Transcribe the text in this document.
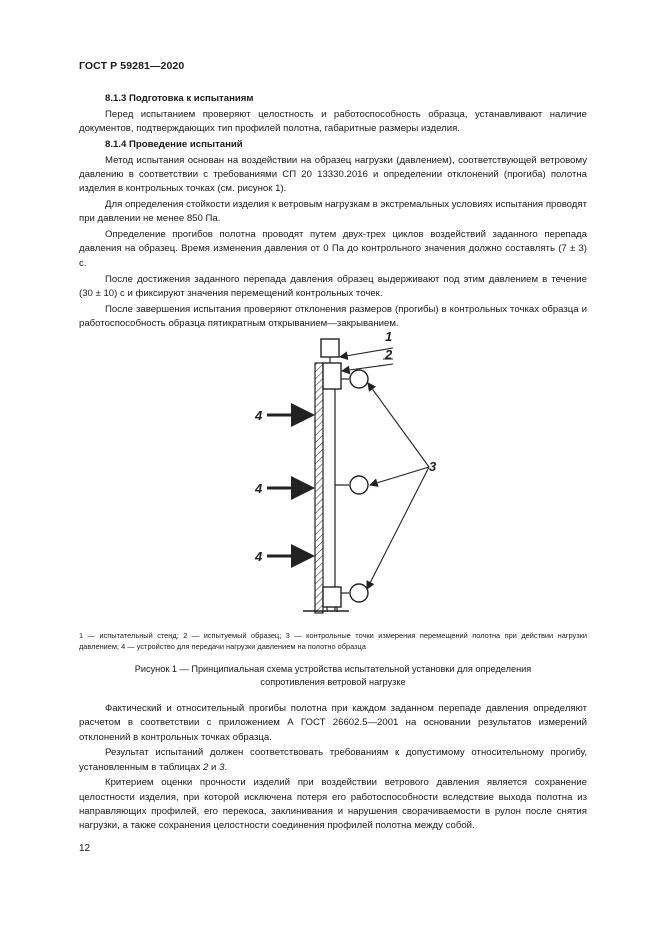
ГОСТ Р 59281—2020

8.1.3 Подготовка к испытаниям

Перед испытанием проверяют целостность и работоспособность образца, устанавливают наличие документов, подтверждающих тип профилей полотна, габаритные размеры изделия.

8.1.4 Проведение испытаний

Метод испытания основан на воздействии на образец нагрузки (давлением), соответствующей ветровому давлению в соответствии с требованиями СП 20 13330.2016 и определении отклонений (прогиба) полотна изделия в контрольных точках (см. рисунок 1).

Для определения стойкости изделия к ветровым нагрузкам в экстремальных условиях испытания проводят при давлении не менее 850 Па.

Определение прогибов полотна проводят путем двух-трех циклов воздействий заданного перепада давления на образец. Время изменения давления от 0 Па до контрольного значения должно составлять (7 ± 3) с.

После достижения заданного перепада давления образец выдерживают под этим давлением в течение (30 ± 10) с и фиксируют значения перемещений контрольных точек.

После завершения испытания проверяют отклонения размеров (прогибы) в контрольных точках образца и работоспособность образца пятикратным открыванием—закрыванием.

1
2
3
4
4
4
1 — испытательный стенд; 2 — испытуемый образец; 3 — контрольные точки измерения перемещений полотна при действии нагрузки давлением; 4 — устройство для передачи нагрузки давлением на полотно образца
Рисунок 1 — Принципиальная схема устройства испытательной установки для определения
сопротивления ветровой нагрузке

Фактический и относительный прогибы полотна при каждом заданном перепаде давления определяют расчетом в соответствии с приложением А ГОСТ 26602.5—2001 на основании результатов измерений отклонений в контрольных точках образца.

Результат испытаний должен соответствовать требованиям к допустимому относительному прогибу, установленным в таблицах 2 и 3.

Критерием оценки прочности изделий при воздействии ветрового давления является сохранение целостности изделия, при которой исключена потеря его работоспособности вследствие выхода полотна из направляющих профилей, его перекоса, заклинивания и нарушения сворачиваемости в рулон после снятия нагрузки, а также сохранения целостности соединения профилей полотна между собой.

12
